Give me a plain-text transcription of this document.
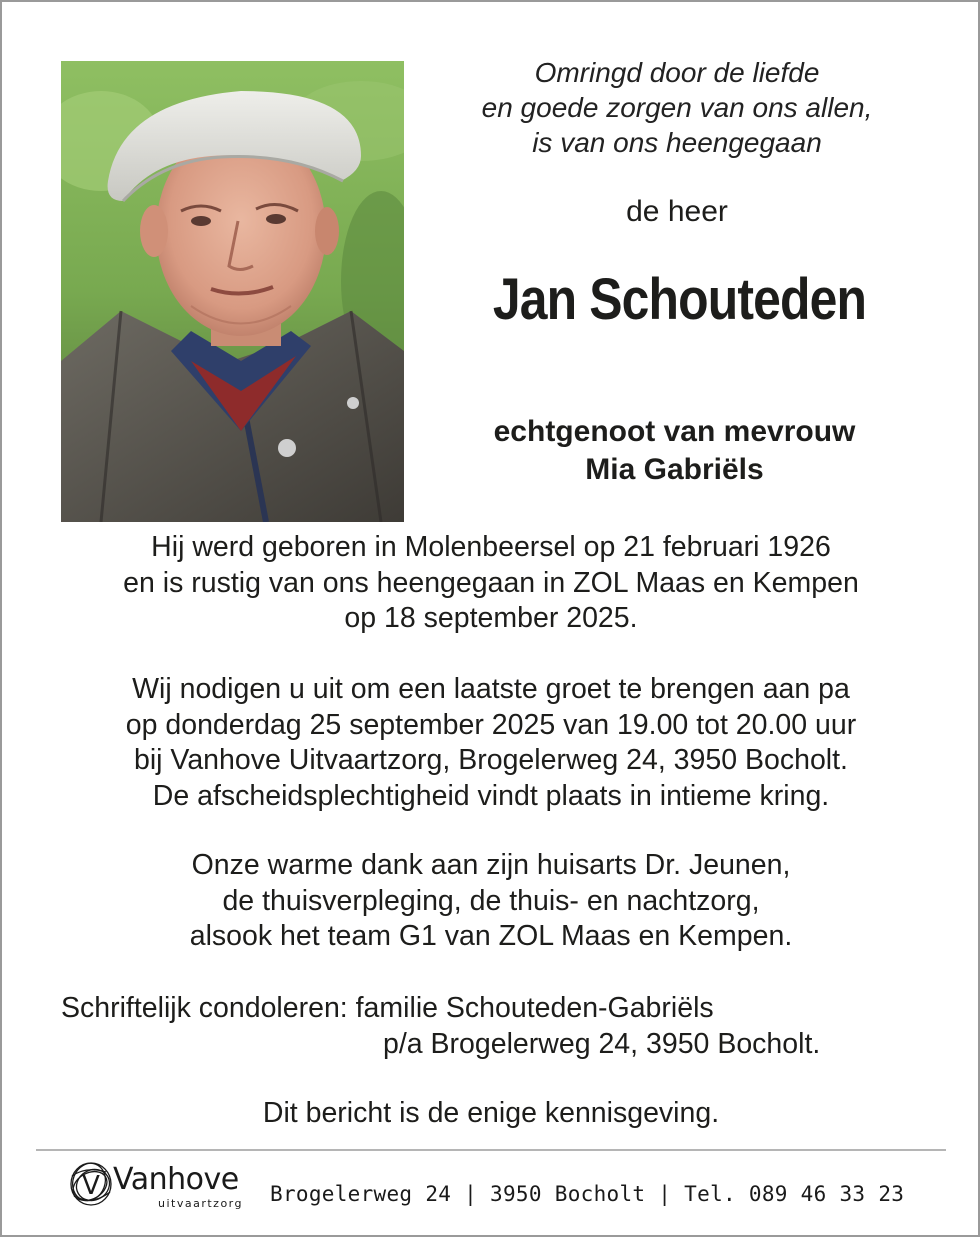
Omringd door de liefde
en goede zorgen van ons allen,
is van ons heengegaan
de heer
Jan Schouteden
echtgenoot van mevrouw
Mia Gabriëls
Hij werd geboren in Molenbeersel op 21 februari 1926
en is rustig van ons heengegaan in ZOL Maas en Kempen
op 18 september 2025.
Wij nodigen u uit om een laatste groet te brengen aan pa
op donderdag 25 september 2025 van 19.00 tot 20.00 uur
bij Vanhove Uitvaartzorg, Brogelerweg 24, 3950 Bocholt.
De afscheidsplechtigheid vindt plaats in intieme kring.
Onze warme dank aan zijn huisarts Dr. Jeunen,
de thuisverpleging, de thuis- en nachtzorg,
alsook het team G1 van ZOL Maas en Kempen.
Schriftelijk condoleren: familie Schouteden-Gabriëls
p/a Brogelerweg 24, 3950 Bocholt.
Dit bericht is de enige kennisgeving.
V Vanhove
uitvaartzorg Brogelerweg 24 | 3950 Bocholt | Tel. 089 46 33 23
